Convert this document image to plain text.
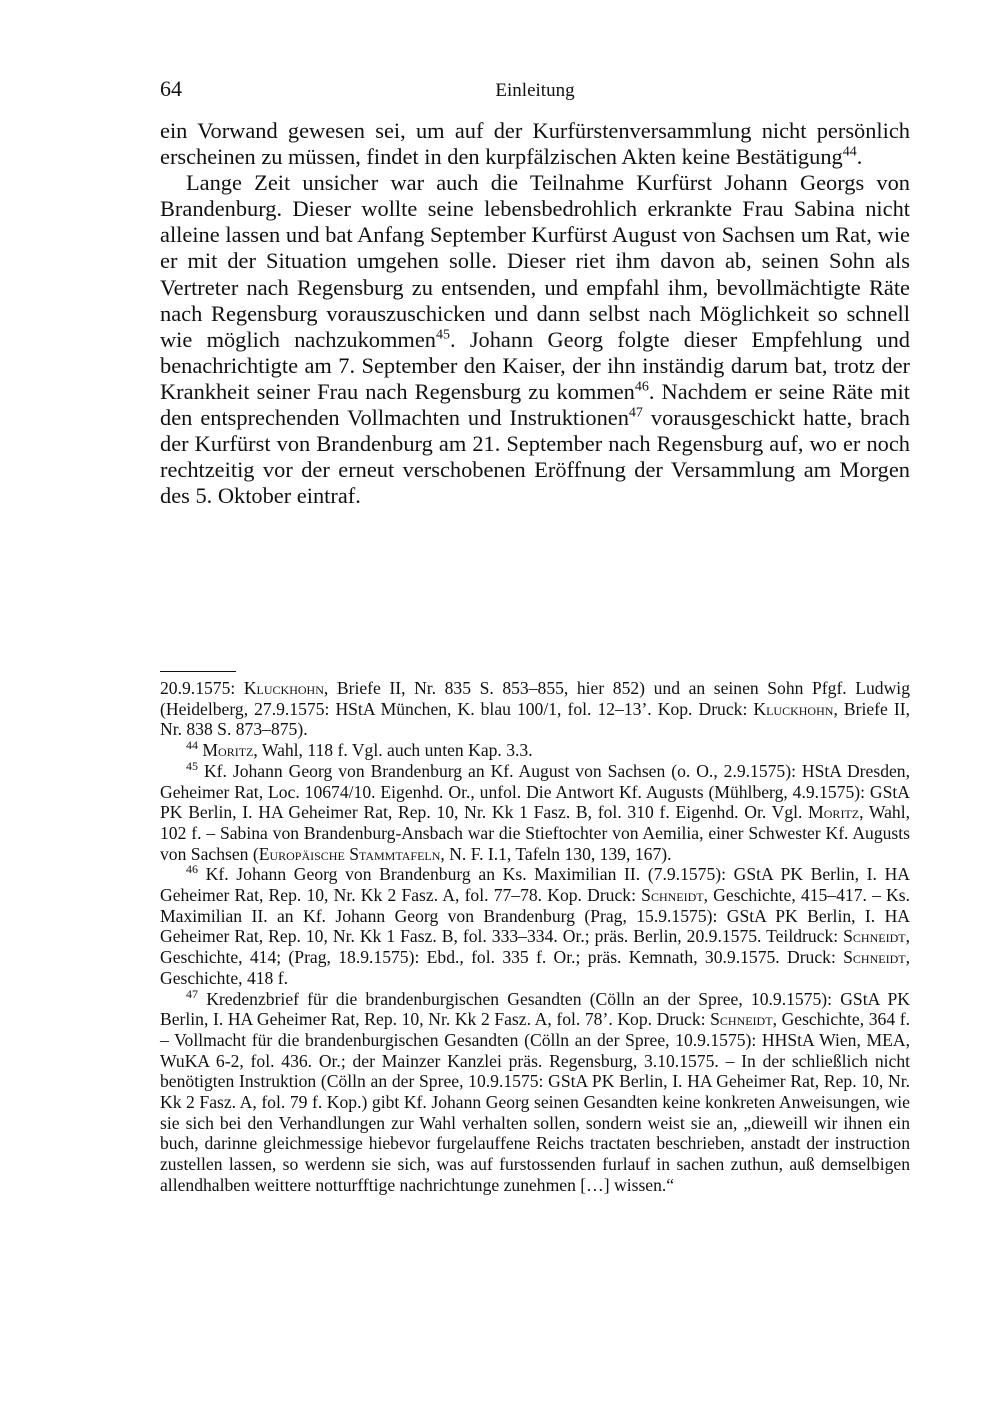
64	Einleitung

ein Vorwand gewesen sei, um auf der Kurfürstenversammlung nicht persönlich erscheinen zu müssen, findet in den kurpfälzischen Akten keine Bestätigung$^{44}$.

Lange Zeit unsicher war auch die Teilnahme Kurfürst Johann Georgs von Brandenburg. Dieser wollte seine lebensbedrohlich erkrankte Frau Sabina nicht alleine lassen und bat Anfang September Kurfürst August von Sachsen um Rat, wie er mit der Situation umgehen solle. Dieser riet ihm davon ab, seinen Sohn als Vertreter nach Regensburg zu entsenden, und empfahl ihm, bevollmächtigte Räte nach Regensburg vorauszuschicken und dann selbst nach Möglichkeit so schnell wie möglich nachzukommen$^{45}$. Johann Georg folgte dieser Empfehlung und benachrichtigte am 7. September den Kaiser, der ihn inständig darum bat, trotz der Krankheit seiner Frau nach Regensburg zu kommen$^{46}$. Nachdem er seine Räte mit den entsprechenden Vollmachten und Instruktionen$^{47}$ vorausgeschickt hatte, brach der Kurfürst von Brandenburg am 21. September nach Regensburg auf, wo er noch rechtzeitig vor der erneut verschobenen Eröffnung der Versammlung am Morgen des 5. Oktober eintraf.

20.9.1575: Kluckhohn, Briefe II, Nr. 835 S. 853–855, hier 852) und an seinen Sohn Pfgf. Ludwig (Heidelberg, 27.9.1575: HStA München, K. blau 100/1, fol. 12–13’. Kop. Druck: Kluckhohn, Briefe II, Nr. 838 S. 873–875).

$^{44}$ Moritz, Wahl, 118 f. Vgl. auch unten Kap. 3.3.

$^{45}$ Kf. Johann Georg von Brandenburg an Kf. August von Sachsen (o. O., 2.9.1575): HStA Dresden, Geheimer Rat, Loc. 10674/10. Eigenhd. Or., unfol. Die Antwort Kf. Augusts (Mühlberg, 4.9.1575): GStA PK Berlin, I. HA Geheimer Rat, Rep. 10, Nr. Kk 1 Fasz. B, fol. 310 f. Eigenhd. Or. Vgl. Moritz, Wahl, 102 f. – Sabina von Brandenburg-Ansbach war die Stieftochter von Aemilia, einer Schwester Kf. Augusts von Sachsen (Europäische Stammtafeln, N. F. I.1, Tafeln 130, 139, 167).

$^{46}$ Kf. Johann Georg von Brandenburg an Ks. Maximilian II. (7.9.1575): GStA PK Berlin, I. HA Geheimer Rat, Rep. 10, Nr. Kk 2 Fasz. A, fol. 77–78. Kop. Druck: Schneidt, Geschichte, 415–417. – Ks. Maximilian II. an Kf. Johann Georg von Brandenburg (Prag, 15.9.1575): GStA PK Berlin, I. HA Geheimer Rat, Rep. 10, Nr. Kk 1 Fasz. B, fol. 333–334. Or.; präs. Berlin, 20.9.1575. Teildruck: Schneidt, Geschichte, 414; (Prag, 18.9.1575): Ebd., fol. 335 f. Or.; präs. Kemnath, 30.9.1575. Druck: Schneidt, Geschichte, 418 f.

$^{47}$ Kredenzbrief für die brandenburgischen Gesandten (Cölln an der Spree, 10.9.1575): GStA PK Berlin, I. HA Geheimer Rat, Rep. 10, Nr. Kk 2 Fasz. A, fol. 78’. Kop. Druck: Schneidt, Geschichte, 364 f. – Vollmacht für die brandenburgischen Gesandten (Cölln an der Spree, 10.9.1575): HHStA Wien, MEA, WuKA 6-2, fol. 436. Or.; der Mainzer Kanzlei präs. Regensburg, 3.10.1575. – In der schließlich nicht benötigten Instruktion (Cölln an der Spree, 10.9.1575: GStA PK Berlin, I. HA Geheimer Rat, Rep. 10, Nr. Kk 2 Fasz. A, fol. 79 f. Kop.) gibt Kf. Johann Georg seinen Gesandten keine konkreten Anweisungen, wie sie sich bei den Verhandlungen zur Wahl verhalten sollen, sondern weist sie an, „dieweill wir ihnen ein buch, darinne gleichmessige hiebevor furgelauffene Reichs tractaten beschrieben, anstadt der instruction zustellen lassen, so werdenn sie sich, was auf furstossenden furlauf in sachen zuthun, auß demselbigen allendhalben weittere notturfftige nachrichtunge zunehmen […] wissen.“
